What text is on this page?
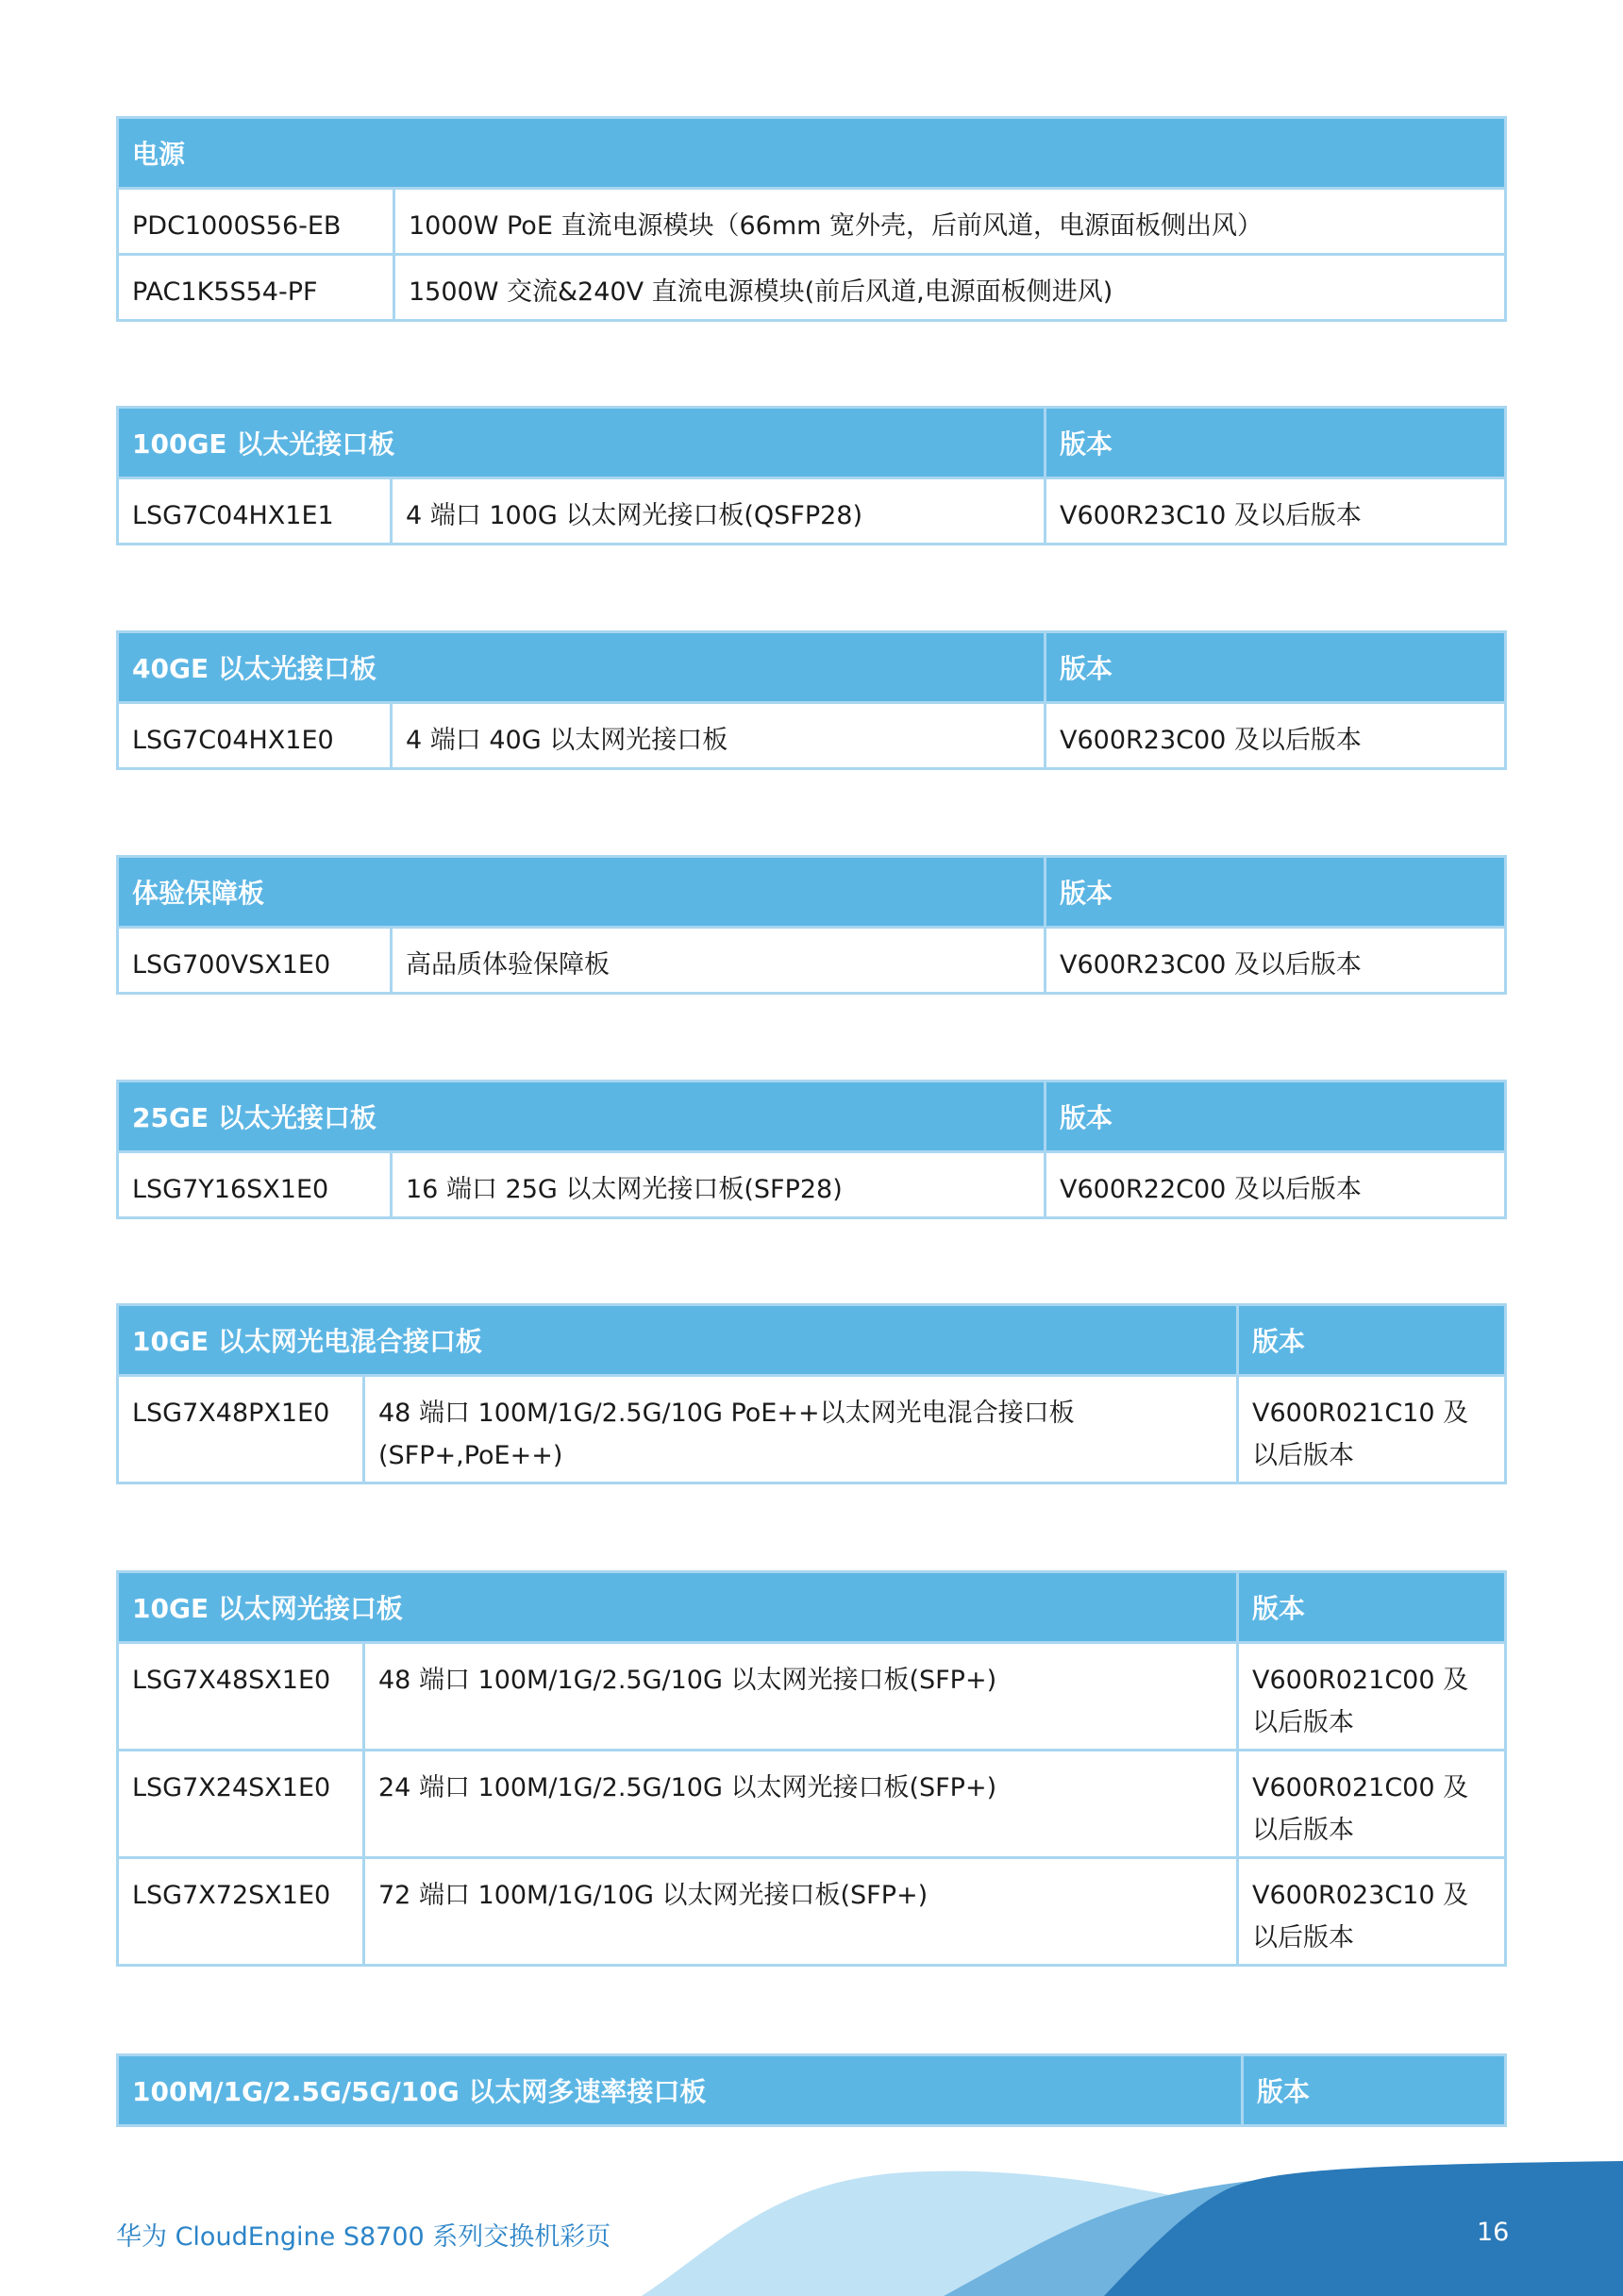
电源	
PDC1000S56-EB	1000W PoE 直流电源模块（66mm 宽外壳，后前风道，电源面板侧出风）
PAC1K5S54-PF	1500W 交流&240V 直流电源模块(前后风道,电源面板侧进风)
100GE 以太光接口板		版本
LSG7C04HX1E1	4 端口 100G 以太网光接口板(QSFP28)	V600R23C10 及以后版本
40GE 以太光接口板		版本
LSG7C04HX1E0	4 端口 40G 以太网光接口板	V600R23C00 及以后版本
体验保障板		版本
LSG700VSX1E0	高品质体验保障板	V600R23C00 及以后版本
25GE 以太光接口板		版本
LSG7Y16SX1E0	16 端口 25G 以太网光接口板(SFP28)	V600R22C00 及以后版本
10GE 以太网光电混合接口板		版本
LSG7X48PX1E0	48 端口 100M/1G/2.5G/10G PoE++以太网光电混合接口板(SFP+,PoE++)	V600R021C10 及以后版本
10GE 以太网光接口板		版本
LSG7X48SX1E0	48 端口 100M/1G/2.5G/10G 以太网光接口板(SFP+)	V600R021C00 及以后版本
LSG7X24SX1E0	24 端口 100M/1G/2.5G/10G 以太网光接口板(SFP+)	V600R021C00 及以后版本
LSG7X72SX1E0	72 端口 100M/1G/10G 以太网光接口板(SFP+)	V600R023C10 及以后版本
100M/1G/2.5G/5G/10G 以太网多速率接口板	版本
华为 CloudEngine S8700 系列交换机彩页	16
